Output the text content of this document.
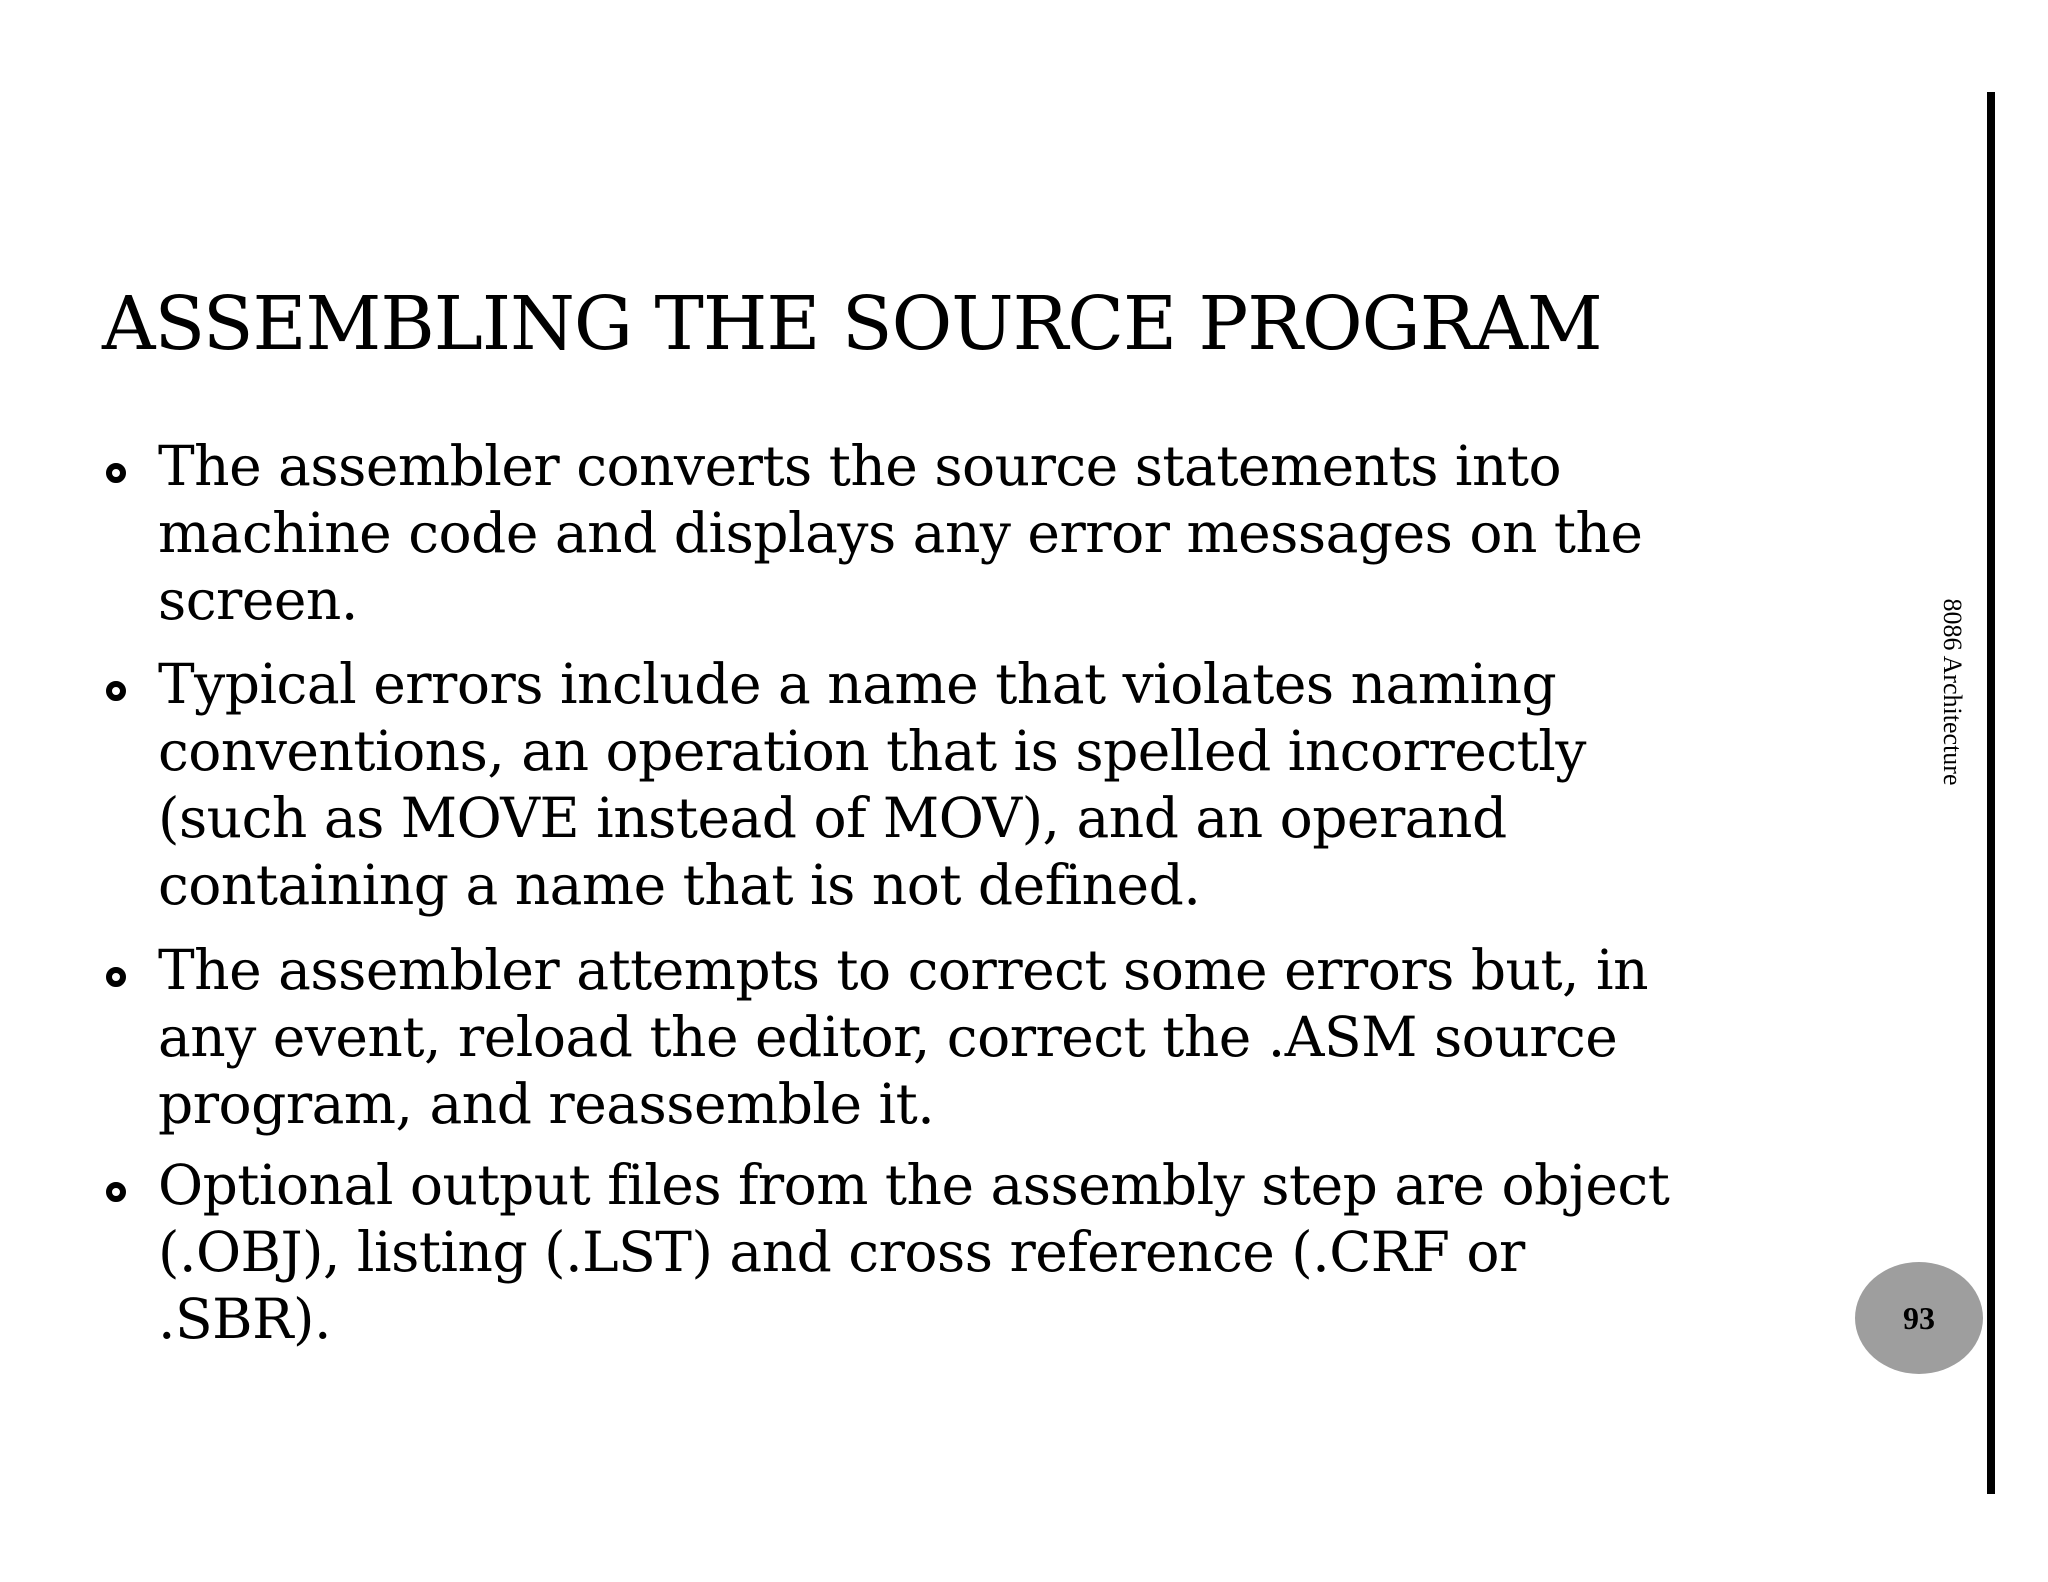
ASSEMBLING THE SOURCE PROGRAM
The assembler converts the source statements into
machine code and displays any error messages on the
screen.
Typical errors include a name that violates naming
conventions, an operation that is spelled incorrectly
(such as MOVE instead of MOV), and an operand
containing a name that is not defined.
The assembler attempts to correct some errors but, in
any event, reload the editor, correct the .ASM source
program, and reassemble it.
Optional output files from the assembly step are object
(.OBJ), listing (.LST) and cross reference (.CRF or
.SBR).
8086 Architecture
93
